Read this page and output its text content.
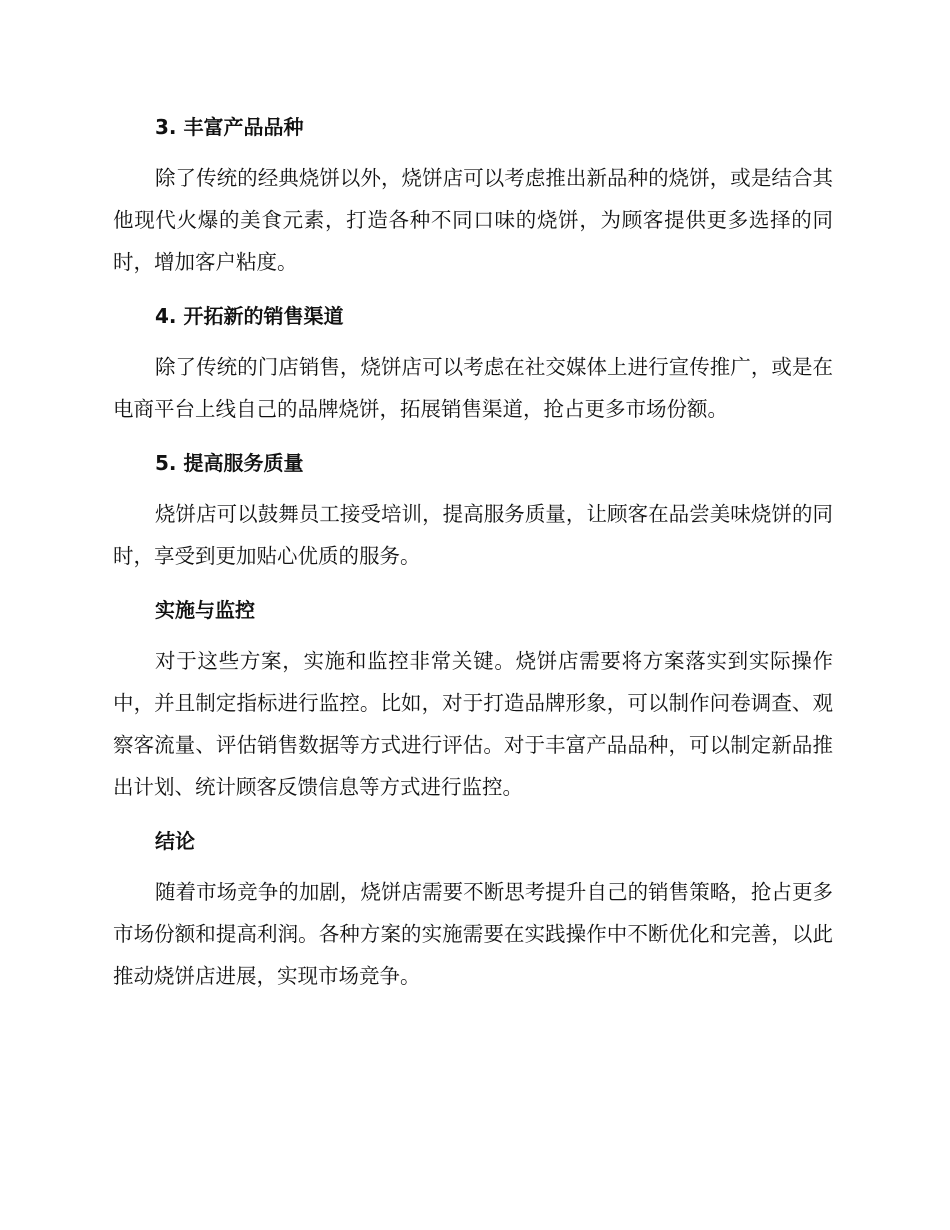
3. 丰富产品品种

除了传统的经典烧饼以外，烧饼店可以考虑推出新品种的烧饼，或是结合其他现代火爆的美食元素，打造各种不同口味的烧饼，为顾客提供更多选择的同时，增加客户粘度。

4. 开拓新的销售渠道

除了传统的门店销售，烧饼店可以考虑在社交媒体上进行宣传推广，或是在电商平台上线自己的品牌烧饼，拓展销售渠道，抢占更多市场份额。

5. 提高服务质量

烧饼店可以鼓舞员工接受培训，提高服务质量，让顾客在品尝美味烧饼的同时，享受到更加贴心优质的服务。

实施与监控

对于这些方案，实施和监控非常关键。烧饼店需要将方案落实到实际操作中，并且制定指标进行监控。比如，对于打造品牌形象，可以制作问卷调查、观察客流量、评估销售数据等方式进行评估。对于丰富产品品种，可以制定新品推出计划、统计顾客反馈信息等方式进行监控。

结论

随着市场竞争的加剧，烧饼店需要不断思考提升自己的销售策略，抢占更多市场份额和提高利润。各种方案的实施需要在实践操作中不断优化和完善，以此推动烧饼店进展，实现市场竞争。
